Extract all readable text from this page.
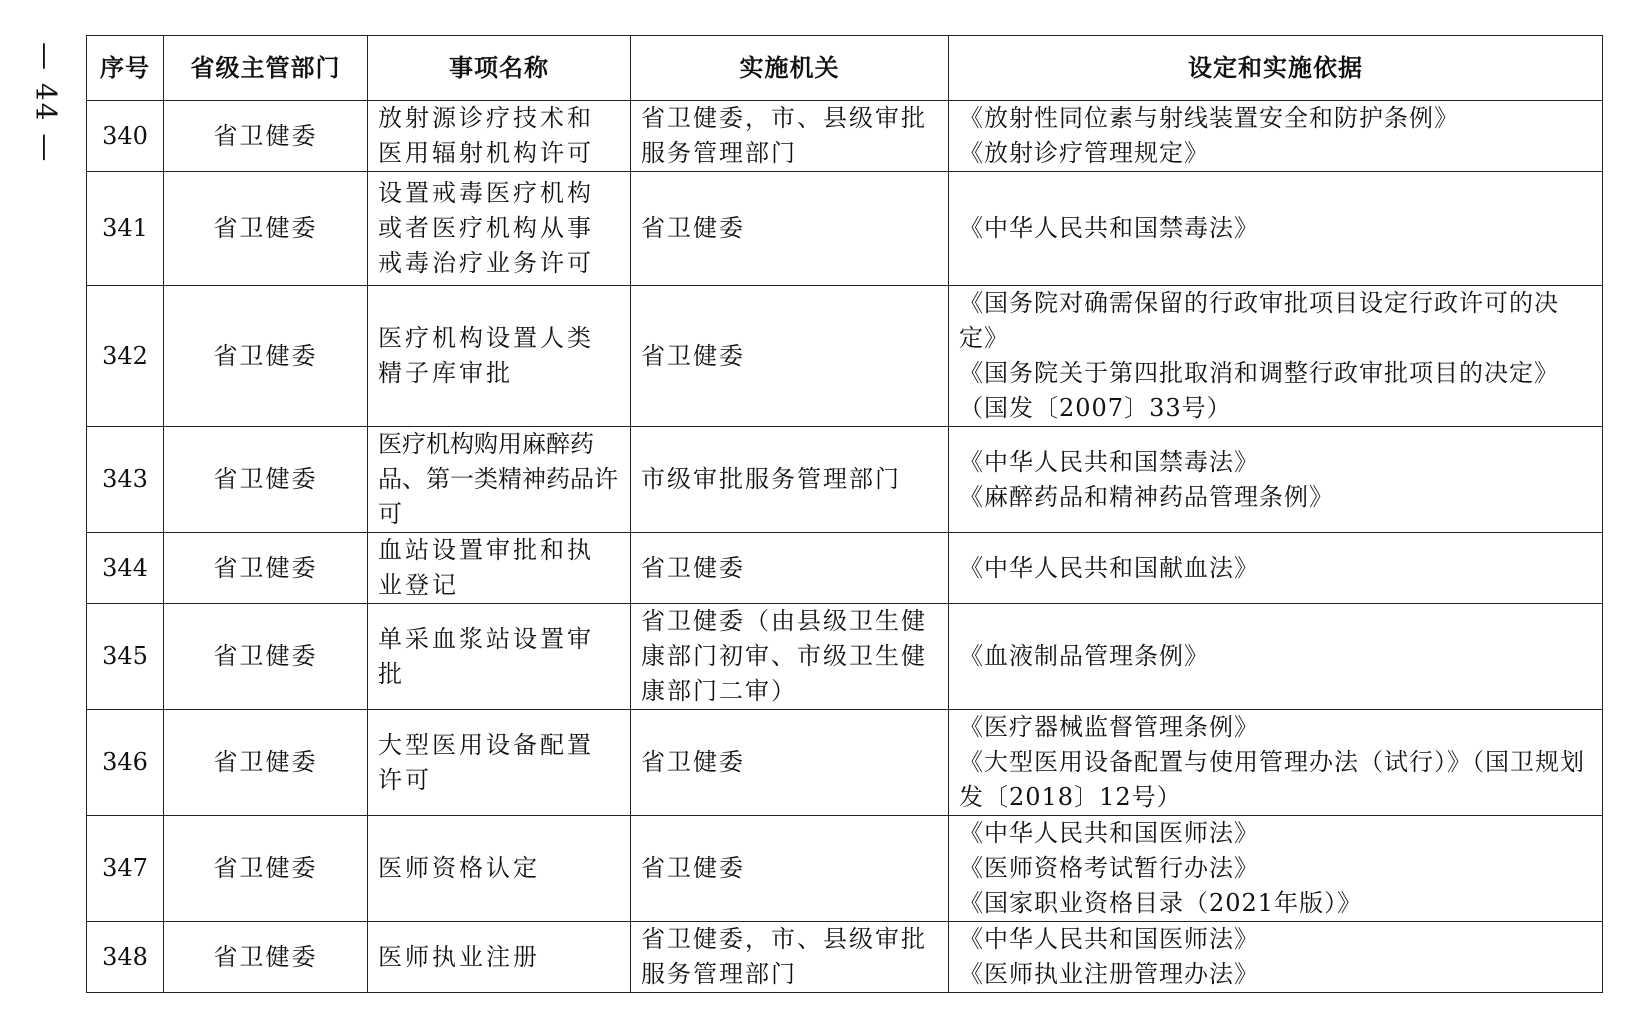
— 44 — 序号	省级主管部门	事项名称	实施机关	设定和实施依据
340	省卫健委	放射源诊疗技术和医用辐射机构许可	省卫健委，市、县级审批服务管理部门	《放射性同位素与射线装置安全和防护条例》
《放射诊疗管理规定》

341	省卫健委	设置戒毒医疗机构或者医疗机构从事戒毒治疗业务许可	省卫健委	《中华人民共和国禁毒法》

342	省卫健委	医疗机构设置人类精子库审批	省卫健委	《国务院对确需保留的行政审批项目设定行政许可的决定》
《国务院关于第四批取消和调整行政审批项目的决定》（国发〔2007〕33号）

343	省卫健委	医疗机构购用麻醉药品、第一类精神药品许可	市级审批服务管理部门	《中华人民共和国禁毒法》
《麻醉药品和精神药品管理条例》

344	省卫健委	血站设置审批和执业登记	省卫健委	《中华人民共和国献血法》

345	省卫健委	单采血浆站设置审批	省卫健委（由县级卫生健康部门初审、市级卫生健康部门二审）	《血液制品管理条例》

346	省卫健委	大型医用设备配置许可	省卫健委	《医疗器械监督管理条例》
《大型医用设备配置与使用管理办法（试行）》（国卫规划发〔2018〕12号）

347	省卫健委	医师资格认定	省卫健委	《中华人民共和国医师法》
《医师资格考试暂行办法》
《国家职业资格目录（2021年版）》

348	省卫健委	医师执业注册	省卫健委，市、县级审批服务管理部门	《中华人民共和国医师法》
《医师执业注册管理办法》
